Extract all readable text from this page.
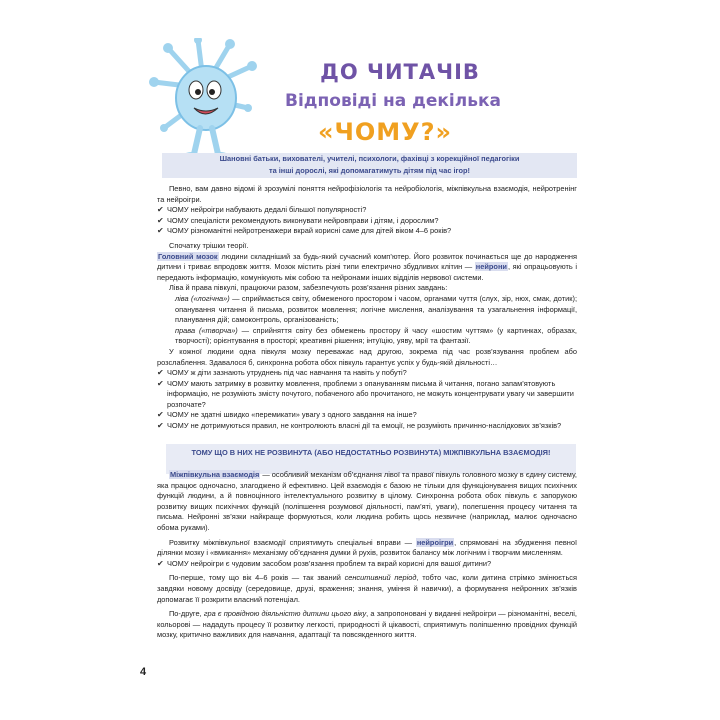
ДО ЧИТАЧІВ
Відповіді на декілька
«ЧОМУ?»
Шановні батьки, вихователі, учителі, психологи, фахівці з корекційної педагогіки
та інші дорослі, які допомагатимуть дітям під час ігор!

Певно, вам давно відомі й зрозумілі поняття нейрофізіологія та нейробіологія, міжпівкульна взаємодія, нейротренінг та нейроігри.

✔ ЧОМУ нейроігри набувають дедалі більшої популярності?
✔ ЧОМУ спеціалісти рекомендують виконувати нейровправи і дітям, і дорослим?
✔ ЧОМУ різноманітні нейротренажери вкрай корисні саме для дітей віком 4–6 років?

Спочатку трішки теорії.

Головний мозок людини складніший за будь-який сучасний комп’ютер. Його розвиток починається ще до народження дитини і триває впродовж життя. Мозок містить різні типи електрично збудливих клітин — нейрони, які опрацьовують і передають інформацію, комунікують між собою та нейронами інших відділів нервової системи.

Ліва й права півкулі, працюючи разом, забезпечують розв’язання різних завдань:

ліва («логічна») — сприймається світу, обмеженого простором і часом, органами чуття (слух, зір, нюх, смак, дотик); опанування читання й письма, розвиток мовлення; логічне мислення, аналізування та узагальнення інформації, планування дій; самоконтроль, організованість;

права («творча») — сприйняття світу без обмежень простору й часу «шостим чуттям» (у картинках, образах, творчості); орієнтування в просторі; креативні рішення; інтуїцію, уяву, мрії та фантазії.

У кожної людини одна півкуля мозку переважає над другою, зокрема під час розв’язування проблем або розслаблення. Здавалося б, синхронна робота обох півкуль гарантує успіх у будь-якій діяльності…

✔ ЧОМУ ж діти зазнають утруднень під час навчання та навіть у побуті?
✔ ЧОМУ мають затримку в розвитку мовлення, проблеми з опануванням письма й читання, погано запам’ятовують інформацію, не розуміють змісту почутого, побаченого або прочитаного, не можуть концентрувати увагу чи завершити розпочате?
✔ ЧОМУ не здатні швидко «перемикати» увагу з одного завдання на інше?
✔ ЧОМУ не дотримуються правил, не контролюють власні дії та емоції, не розуміють причинно-наслідкових зв’язків?
ТОМУ ЩО В НИХ НЕ РОЗВИНУТА (АБО НЕДОСТАТНЬО РОЗВИНУТА) МІЖПІВКУЛЬНА ВЗАЄМОДІЯ!

Міжпівкульна взаємодія — особливий механізм об’єднання лівої та правої півкуль головного мозку в єдину систему, яка працює одночасно, злагоджено й ефективно. Цей взаємодія є базою не тільки для функціонування вищих психічних функцій людини, а й повноцінного інтелектуального розвитку в цілому. Синхронна робота обох півкуль є запорукою розвитку вищих психічних функцій (поліпшення розумової діяльності, пам’яті, уваги), полегшення процесу читання та письма. Нейронні зв’язки найкраще формуються, коли людина робить щось незвичне (наприклад, малює одночасно обома руками).

Розвитку міжпівкульної взаємодії сприятимуть спеціальні вправи — нейроігри, спрямовані на збудження певної ділянки мозку і «вмикання» механізму об’єднання думки й рухів, розвиток балансу між логічним і творчим мисленням.

✔ ЧОМУ нейроігри є чудовим засобом розв’язання проблем та вкрай корисні для вашої дитини?

По-перше, тому що вік 4–6 років — так званий сенситивний період, тобто час, коли дитина стрімко змінюється завдяки новому досвіду (середовище, друзі, враження; знання, уміння й навички), а формування нейронних зв’язків допомагає її розкрити власний потенціал.

По-друге, гра є провідною діяльністю дитини цього віку, а запропоновані у виданні нейроігри — різноманітні, веселі, кольорові — нададуть процесу її розвитку легкості, природності й цікавості, сприятимуть поліпшенню провідних функцій мозку, критично важливих для навчання, адаптації та повсякденного життя.

4
